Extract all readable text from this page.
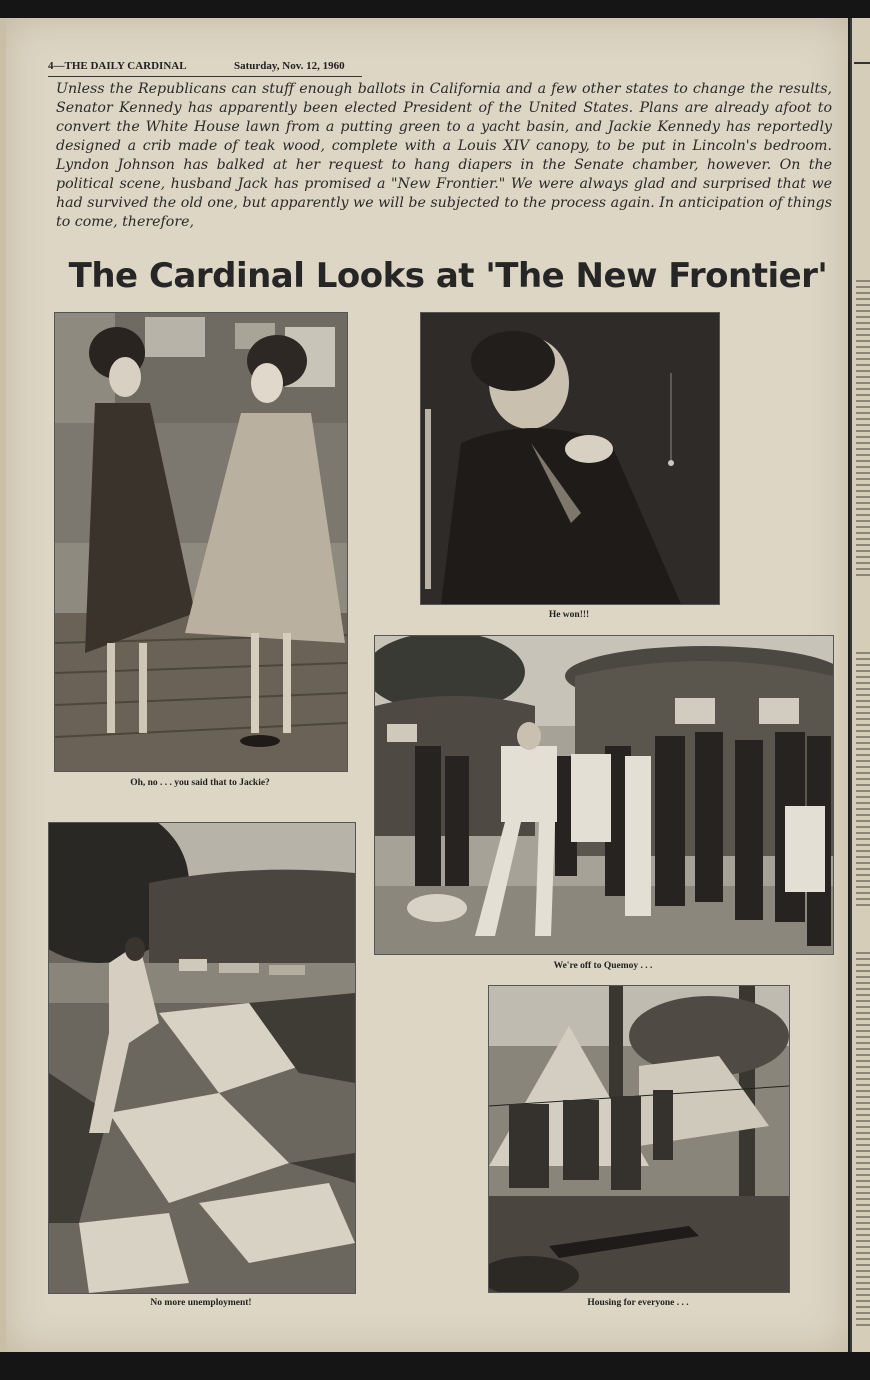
4—THE DAILY CARDINAL	Saturday, Nov. 12, 1960
Unless the Republicans can stuff enough ballots in California and a few other states to change the results, Senator Kennedy has apparently been elected President of the United States. Plans are already afoot to convert the White House lawn from a putting green to a yacht basin, and Jackie Kennedy has reportedly designed a crib made of teak wood, complete with a Louis XIV canopy, to be put in Lincoln's bedroom. Lyndon Johnson has balked at her request to hang diapers in the Senate chamber, however. On the political scene, husband Jack has promised a "New Frontier." We were always glad and surprised that we had survived the old one, but apparently we will be subjected to the process again. In anticipation of things to come, therefore,
The Cardinal Looks at 'The New Frontier'
Oh, no . . . you said that to Jackie?
He won!!!
We're off to Quemoy . . .
No more unemployment!	Housing for everyone . . .
